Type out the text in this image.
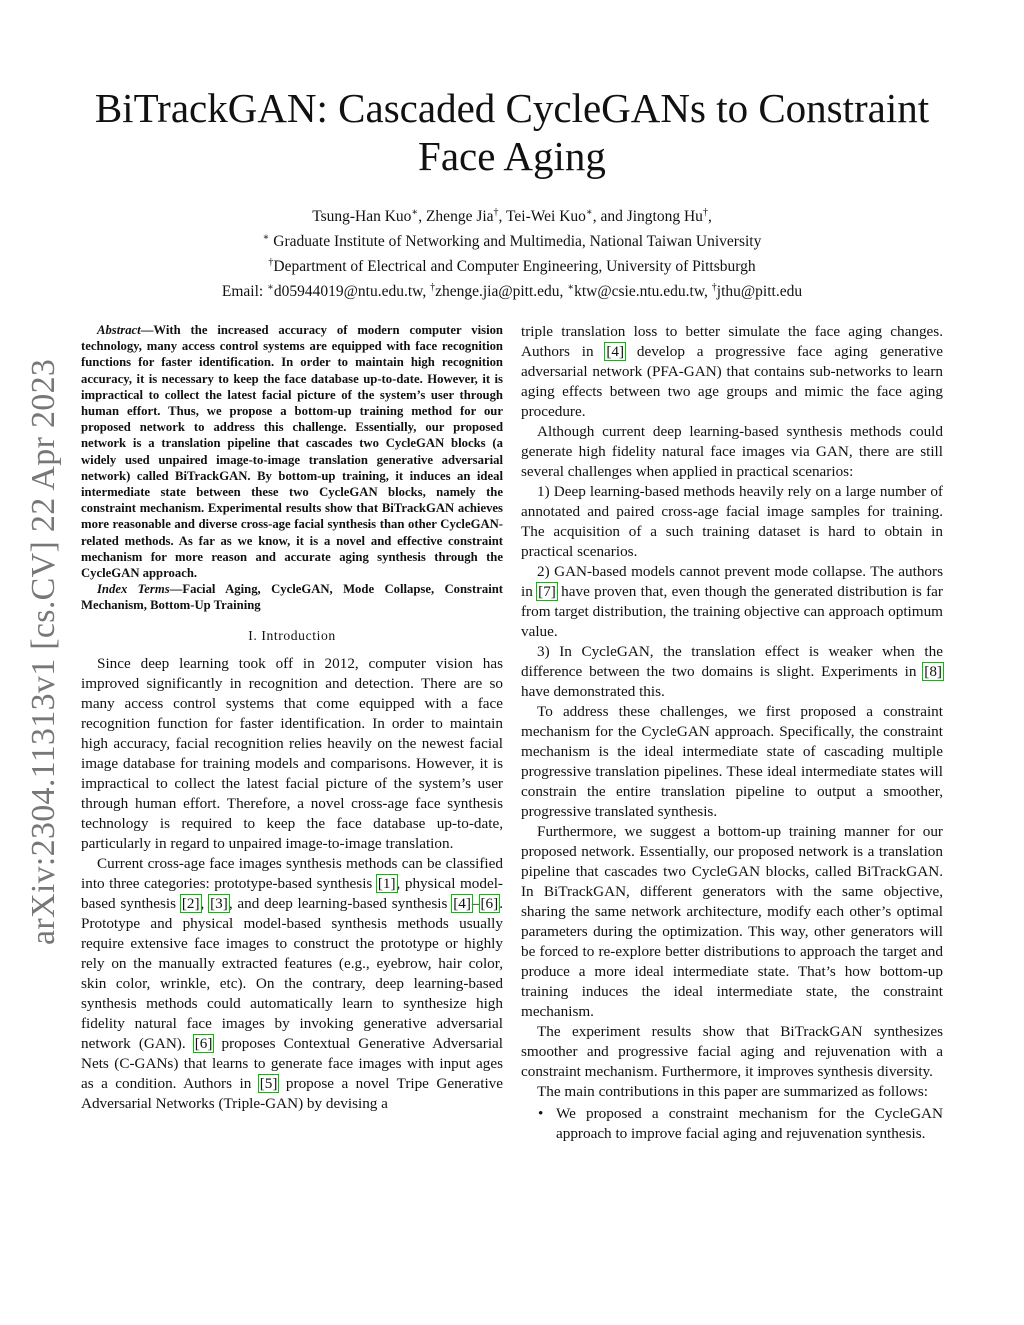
arXiv:2304.11313v1 [cs.CV] 22 Apr 2023
BiTrackGAN: Cascaded CycleGANs to Constraint
Face Aging
Tsung-Han Kuo∗, Zhenge Jia†, Tei-Wei Kuo∗, and Jingtong Hu†,
∗ Graduate Institute of Networking and Multimedia, National Taiwan University
†Department of Electrical and Computer Engineering, University of Pittsburgh
Email: ∗d05944019@ntu.edu.tw, †zhenge.jia@pitt.edu, ∗ktw@csie.ntu.edu.tw, †jthu@pitt.edu

Abstract—With the increased accuracy of modern computer vision technology, many access control systems are equipped with face recognition functions for faster identification. In order to maintain high recognition accuracy, it is necessary to keep the face database up-to-date. However, it is impractical to collect the latest facial picture of the system’s user through human effort. Thus, we propose a bottom-up training method for our proposed network to address this challenge. Essentially, our proposed network is a translation pipeline that cascades two CycleGAN blocks (a widely used unpaired image-to-image translation generative adversarial network) called BiTrackGAN. By bottom-up training, it induces an ideal intermediate state between these two CycleGAN blocks, namely the constraint mechanism. Experimental results show that BiTrackGAN achieves more reasonable and diverse cross-age facial synthesis than other CycleGAN-related methods. As far as we know, it is a novel and effective constraint mechanism for more reason and accurate aging synthesis through the CycleGAN approach.

Index Terms—Facial Aging, CycleGAN, Mode Collapse, Constraint Mechanism, Bottom-Up Training

I. Introduction

Since deep learning took off in 2012, computer vision has improved significantly in recognition and detection. There are so many access control systems that come equipped with a face recognition function for faster identification. In order to maintain high accuracy, facial recognition relies heavily on the newest facial image database for training models and comparisons. However, it is impractical to collect the latest facial picture of the system’s user through human effort. Therefore, a novel cross-age face synthesis technology is required to keep the face database up-to-date, particularly in regard to unpaired image-to-image translation.

Current cross-age face images synthesis methods can be classified into three categories: prototype-based synthesis [1], physical model-based synthesis [2], [3], and deep learning-based synthesis [4]–[6]. Prototype and physical model-based synthesis methods usually require extensive face images to construct the prototype or highly rely on the manually extracted features (e.g., eyebrow, hair color, skin color, wrinkle, etc). On the contrary, deep learning-based synthesis methods could automatically learn to synthesize high fidelity natural face images by invoking generative adversarial network (GAN). [6] proposes Contextual Generative Adversarial Nets (C-GANs) that learns to generate face images with input ages as a condition. Authors in [5] propose a novel Tripe Generative Adversarial Networks (Triple-GAN) by devising a

triple translation loss to better simulate the face aging changes. Authors in [4] develop a progressive face aging generative adversarial network (PFA-GAN) that contains sub-networks to learn aging effects between two age groups and mimic the face aging procedure.

Although current deep learning-based synthesis methods could generate high fidelity natural face images via GAN, there are still several challenges when applied in practical scenarios:

1) Deep learning-based methods heavily rely on a large number of annotated and paired cross-age facial image samples for training. The acquisition of a such training dataset is hard to obtain in practical scenarios.

2) GAN-based models cannot prevent mode collapse. The authors in [7] have proven that, even though the generated distribution is far from target distribution, the training objective can approach optimum value.

3) In CycleGAN, the translation effect is weaker when the difference between the two domains is slight. Experiments in [8] have demonstrated this.

To address these challenges, we first proposed a constraint mechanism for the CycleGAN approach. Specifically, the constraint mechanism is the ideal intermediate state of cascading multiple progressive translation pipelines. These ideal intermediate states will constrain the entire translation pipeline to output a smoother, progressive translated synthesis.

Furthermore, we suggest a bottom-up training manner for our proposed network. Essentially, our proposed network is a translation pipeline that cascades two CycleGAN blocks, called BiTrackGAN. In BiTrackGAN, different generators with the same objective, sharing the same network architecture, modify each other’s optimal parameters during the optimization. This way, other generators will be forced to re-explore better distributions to approach the target and produce a more ideal intermediate state. That’s how bottom-up training induces the ideal intermediate state, the constraint mechanism.

The experiment results show that BiTrackGAN synthesizes smoother and progressive facial aging and rejuvenation with a constraint mechanism. Furthermore, it improves synthesis diversity.

The main contributions in this paper are summarized as follows:

• We proposed a constraint mechanism for the CycleGAN approach to improve facial aging and rejuvenation synthesis.
